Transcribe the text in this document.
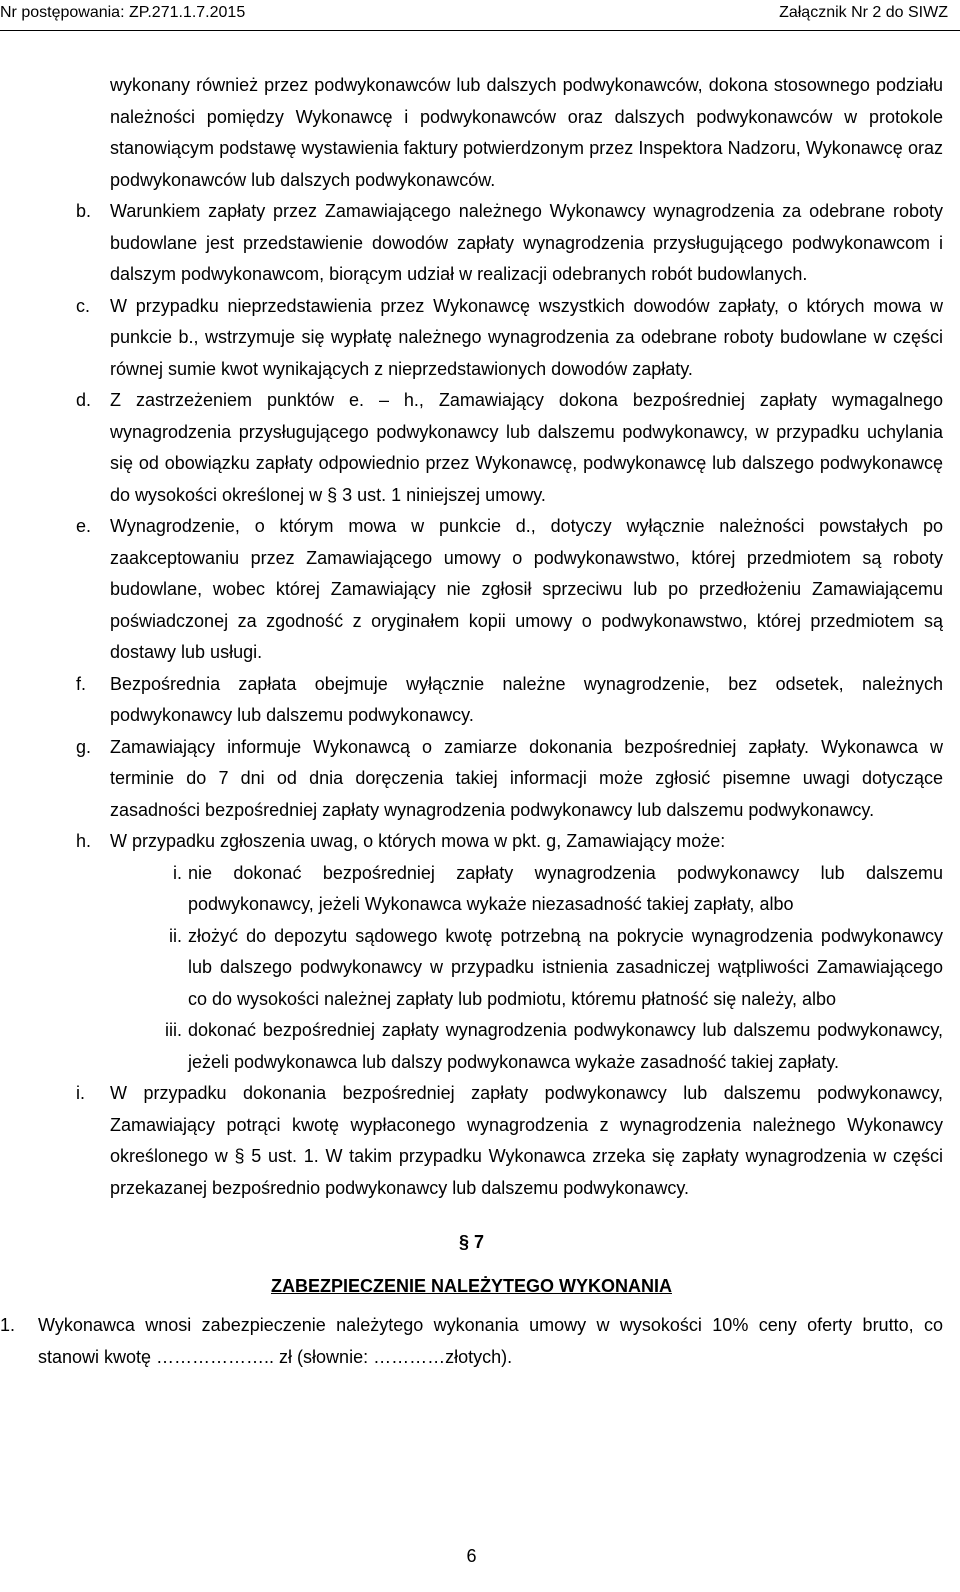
Nr postępowania: ZP.271.1.7.2015	Załącznik Nr 2 do SIWZ
wykonany również przez podwykonawców lub dalszych podwykonawców, dokona stosownego podziału należności pomiędzy Wykonawcę i podwykonawców oraz dalszych podwykonawców w protokole stanowiącym podstawę wystawienia faktury potwierdzonym przez Inspektora Nadzoru, Wykonawcę oraz podwykonawców lub dalszych podwykonawców.
b. Warunkiem zapłaty przez Zamawiającego należnego Wykonawcy wynagrodzenia za odebrane roboty budowlane jest przedstawienie dowodów zapłaty wynagrodzenia przysługującego podwykonawcom i dalszym podwykonawcom, biorącym udział w realizacji odebranych robót budowlanych.
c. W przypadku nieprzedstawienia przez Wykonawcę wszystkich dowodów zapłaty, o których mowa w punkcie b., wstrzymuje się wypłatę należnego wynagrodzenia za odebrane roboty budowlane w części równej sumie kwot wynikających z nieprzedstawionych dowodów zapłaty.
d. Z zastrzeżeniem punktów e. – h., Zamawiający dokona bezpośredniej zapłaty wymagalnego wynagrodzenia przysługującego podwykonawcy lub dalszemu podwykonawcy, w przypadku uchylania się od obowiązku zapłaty odpowiednio przez Wykonawcę, podwykonawcę lub dalszego podwykonawcę do wysokości określonej w § 3 ust. 1 niniejszej umowy.
e. Wynagrodzenie, o którym mowa w punkcie d., dotyczy wyłącznie należności powstałych po zaakceptowaniu przez Zamawiającego umowy o podwykonawstwo, której przedmiotem są roboty budowlane, wobec której Zamawiający nie zgłosił sprzeciwu lub po przedłożeniu Zamawiającemu poświadczonej za zgodność z oryginałem kopii umowy o podwykonawstwo, której przedmiotem są dostawy lub usługi.
f. Bezpośrednia zapłata obejmuje wyłącznie należne wynagrodzenie, bez odsetek, należnych podwykonawcy lub dalszemu podwykonawcy.
g. Zamawiający informuje Wykonawcą o zamiarze dokonania bezpośredniej zapłaty. Wykonawca w terminie do 7 dni od dnia doręczenia takiej informacji może zgłosić pisemne uwagi dotyczące zasadności bezpośredniej zapłaty wynagrodzenia podwykonawcy lub dalszemu podwykonawcy.
h. W przypadku zgłoszenia uwag, o których mowa w pkt. g, Zamawiający może:
i. nie dokonać bezpośredniej zapłaty wynagrodzenia podwykonawcy lub dalszemu podwykonawcy, jeżeli Wykonawca wykaże niezasadność takiej zapłaty, albo
ii. złożyć do depozytu sądowego kwotę potrzebną na pokrycie wynagrodzenia podwykonawcy lub dalszego podwykonawcy w przypadku istnienia zasadniczej wątpliwości Zamawiającego co do wysokości należnej zapłaty lub podmiotu, któremu płatność się należy, albo
iii. dokonać bezpośredniej zapłaty wynagrodzenia podwykonawcy lub dalszemu podwykonawcy, jeżeli podwykonawca lub dalszy podwykonawca wykaże zasadność takiej zapłaty.
i. W przypadku dokonania bezpośredniej zapłaty podwykonawcy lub dalszemu podwykonawcy, Zamawiający potrąci kwotę wypłaconego wynagrodzenia z wynagrodzenia należnego Wykonawcy określonego w § 5 ust. 1. W takim przypadku Wykonawca zrzeka się zapłaty wynagrodzenia w części przekazanej bezpośrednio podwykonawcy lub dalszemu podwykonawcy.
§ 7
ZABEZPIECZENIE NALEŻYTEGO WYKONANIA
1. Wykonawca wnosi zabezpieczenie należytego wykonania umowy w wysokości 10% ceny oferty brutto, co stanowi kwotę ……………….. zł (słownie: …………złotych).
6
